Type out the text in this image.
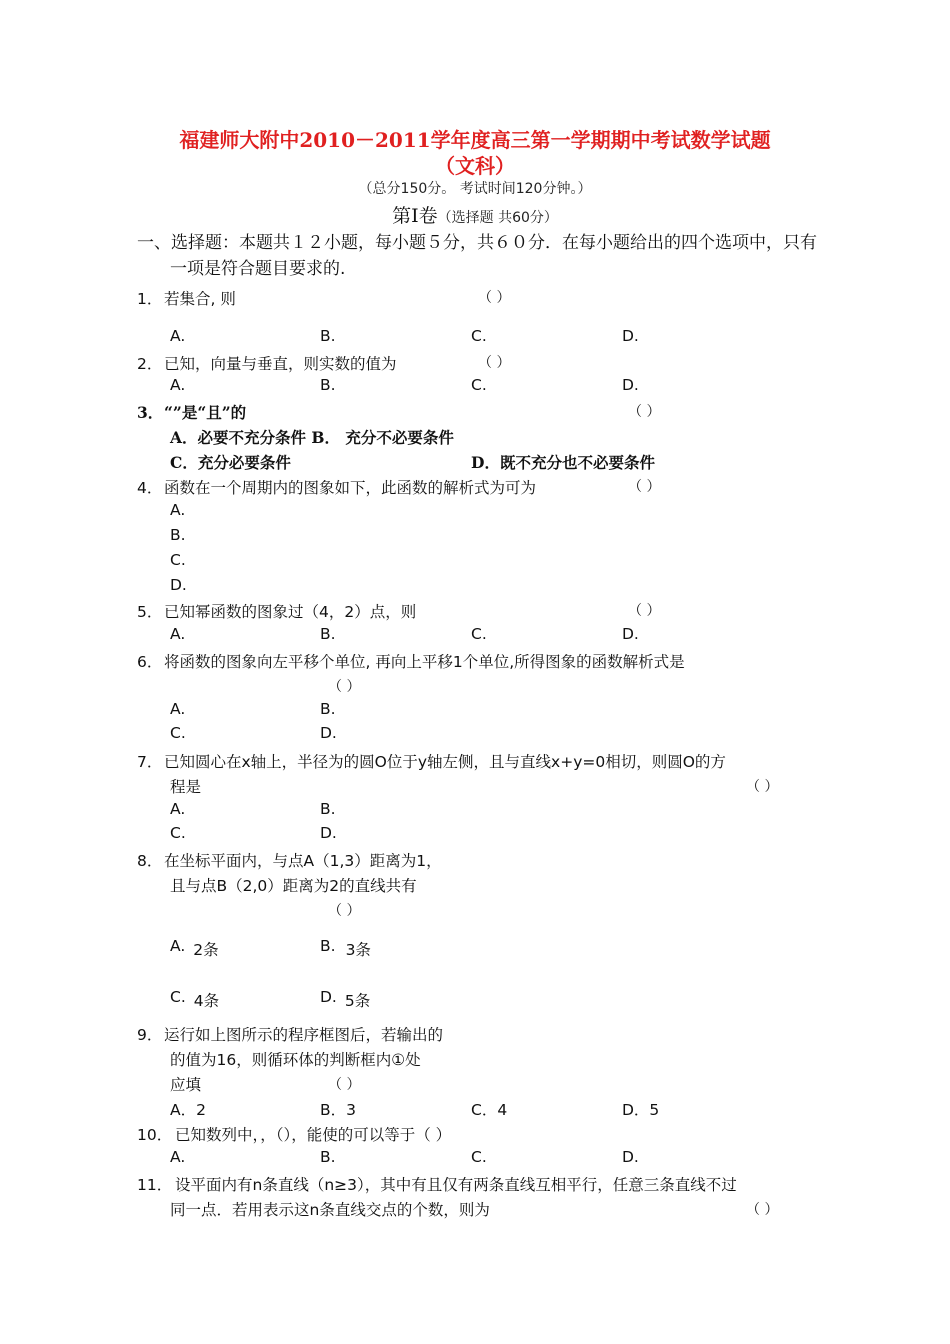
福建师大附中2010－2011学年度高三第一学期期中考试数学试题
（文科）
（总分150分。 考试时间120分钟。）
第Ⅰ卷（选择题 共60分）
一、选择题：本题共１２小题，每小题５分，共６０分．在每小题给出的四个选项中，只有
一项是符合题目要求的.
1． 若集合, 则	（ ）
A.	B.	C.	D.
2． 已知，向量与垂直，则实数的值为	（ ）
A.	B.	C.	D.
3． “”是“且”的	（ ）
A．必要不充分条件 B． 充分不必要条件
C．充分必要条件	D．既不充分也不必要条件
4． 函数在一个周期内的图象如下，此函数的解析式为可为	（ ）
A.
B.
C.
D.
5． 已知幂函数的图象过（4，2）点，则	（ ）
A.	B.	C.	D.
6． 将函数的图象向左平移个单位, 再向上平移1个单位,所得图象的函数解析式是
（ ）
A.	B.
C.	D.
7． 已知圆心在x轴上，半径为的圆O位于y轴左侧，且与直线x+y=0相切，则圆O的方
程是	（ ）
A.	B.
C.	D.
8． 在坐标平面内，与点A（1,3）距离为1，
且与点B（2,0）距离为2的直线共有
（ ）
A. 2条	B. 3条
C. 4条	D. 5条
9． 运行如上图所示的程序框图后，若输出的
的值为16，则循环体的判断框内①处
应填	（ ）
A．2	B．3	C．4	D．5
10． 已知数列中，，（），能使的可以等于（ ）
A.	B.	C.	D.
11． 设平面内有n条直线（n≥3），其中有且仅有两条直线互相平行，任意三条直线不过
同一点．若用表示这n条直线交点的个数，则为	（ ）
